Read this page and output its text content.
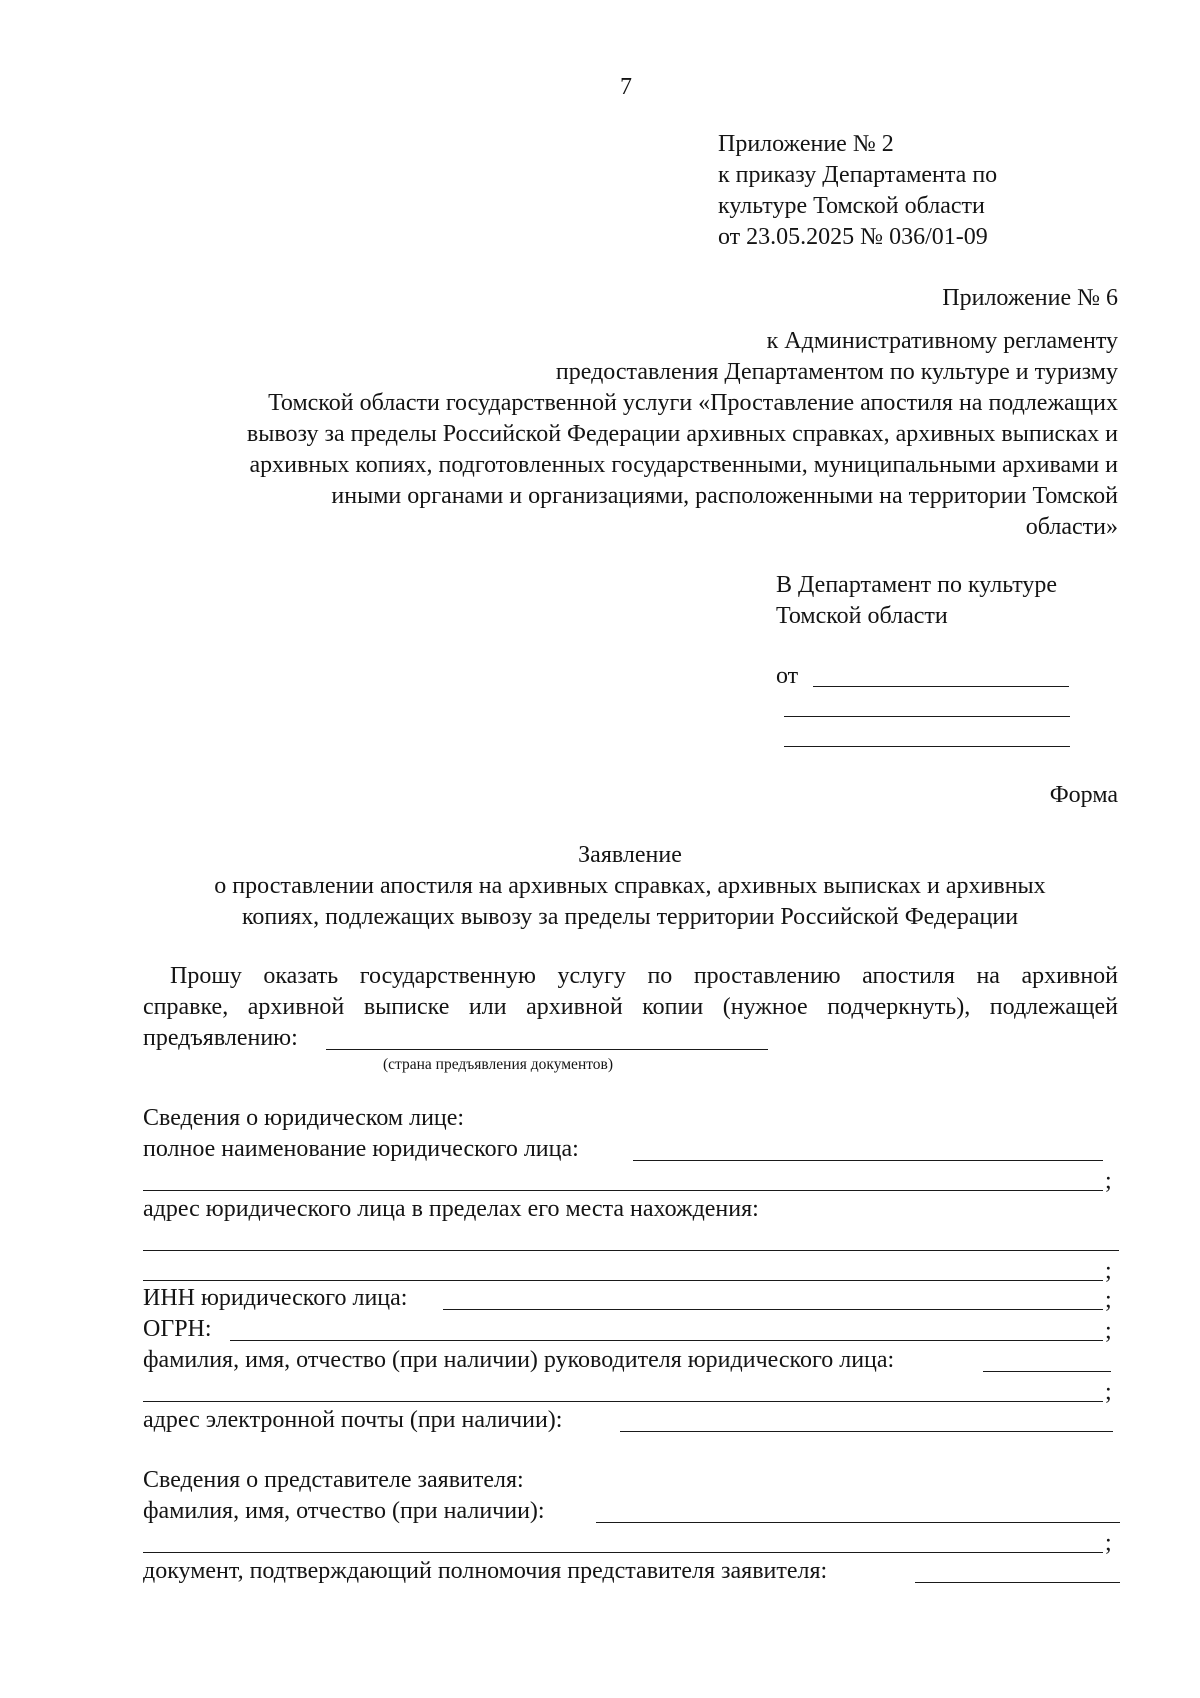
7
Приложение № 2
к приказу Департамента по
культуре Томской области
от 23.05.2025 № 036/01-09
Приложение № 6
к Административному регламенту
предоставления Департаментом по культуре и туризму
Томской области государственной услуги «Проставление апостиля на подлежащих
вывозу за пределы Российской Федерации архивных справках, архивных выписках и
архивных копиях, подготовленных государственными, муниципальными архивами и
иными органами и организациями, расположенными на территории Томской
области»
В Департамент по культуре
Томской области
от
Форма
Заявление
о проставлении апостиля на архивных справках, архивных выписках и архивных
копиях, подлежащих вывозу за пределы территории Российской Федерации
Прошу оказать государственную услугу по проставлению апостиля на архивной
справке, архивной выписке или архивной копии (нужное подчеркнуть), подлежащей
предъявлению:
(страна предъявления документов)
Сведения о юридическом лице:
полное наименование юридического лица:
;
адрес юридического лица в пределах его места нахождения:
;
ИНН юридического лица:	;
ОГРН:	;
фамилия, имя, отчество (при наличии) руководителя юридического лица:
;
адрес электронной почты (при наличии):
Сведения о представителе заявителя:
фамилия, имя, отчество (при наличии):
;
документ, подтверждающий полномочия представителя заявителя:
